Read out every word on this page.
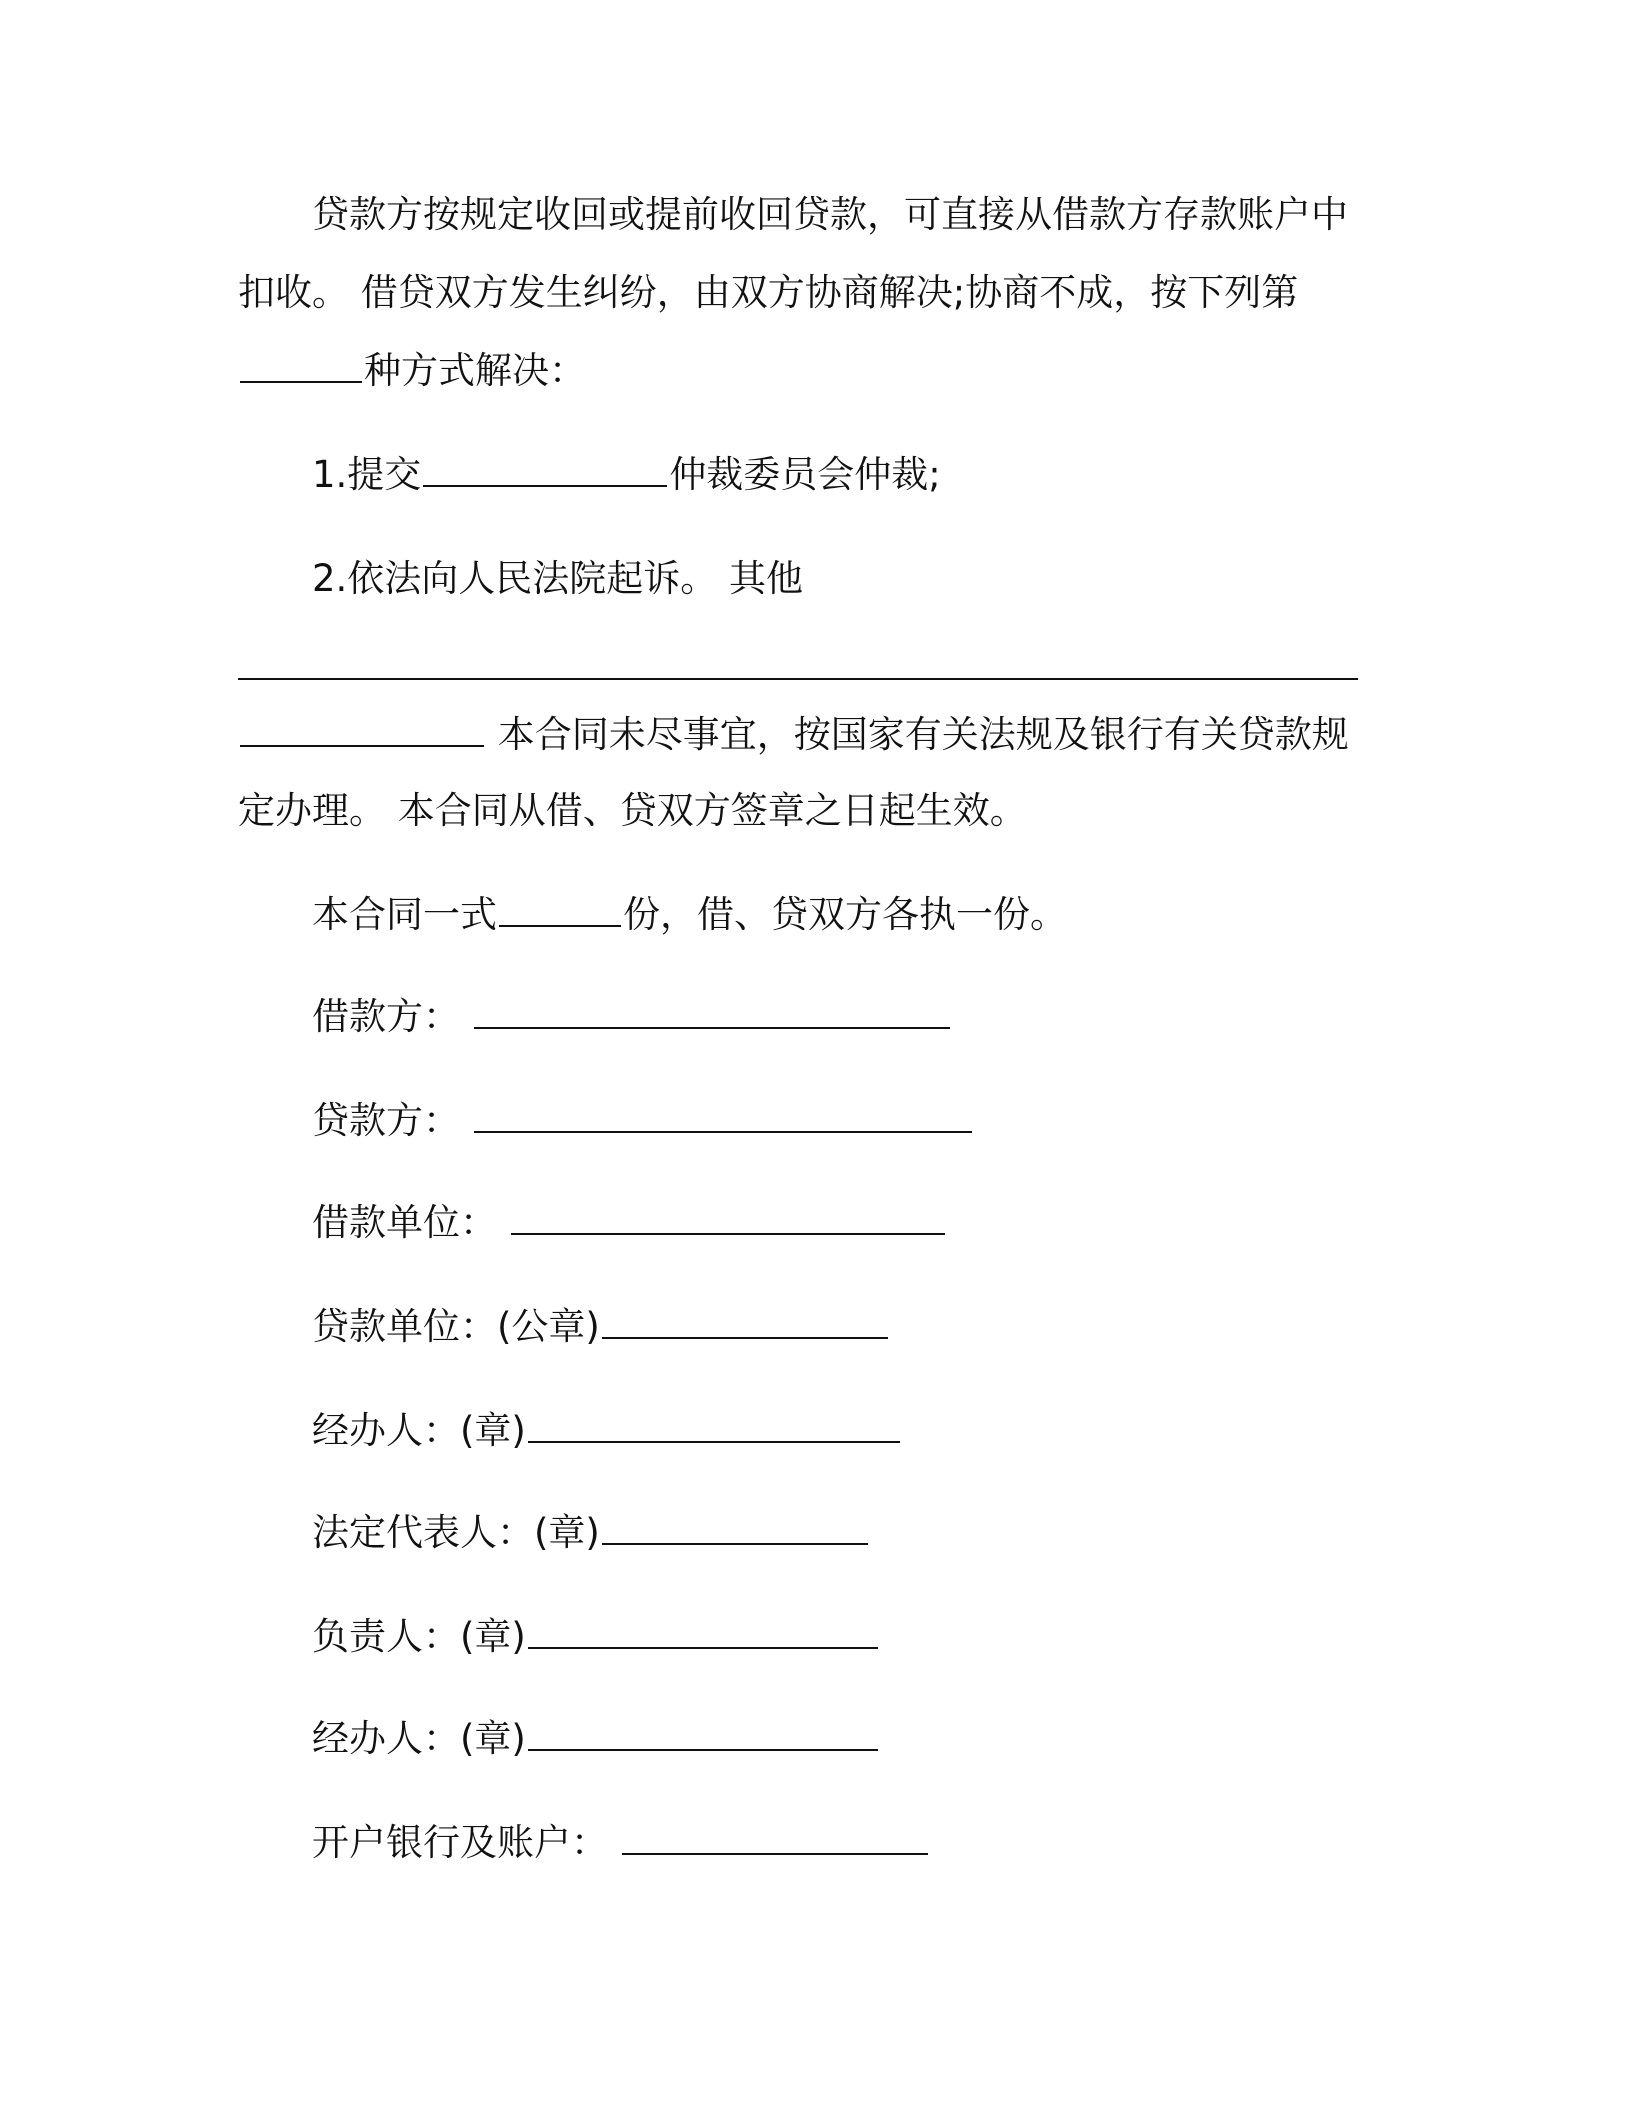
贷款方按规定收回或提前收回贷款，可直接从借款方存款账户中
扣收。 借贷双方发生纠纷，由双方协商解决;协商不成，按下列第
种方式解决：
1.提交	仲裁委员会仲裁;
2.依法向人民法院起诉。 其他
本合同未尽事宜，按国家有关法规及银行有关贷款规
定办理。 本合同从借、贷双方签章之日起生效。
本合同一式	份，借、贷双方各执一份。
借款方：
贷款方：
借款单位：
贷款单位：(公章)
经办人：(章)
法定代表人：(章)
负责人：(章)
经办人：(章)
开户银行及账户：
